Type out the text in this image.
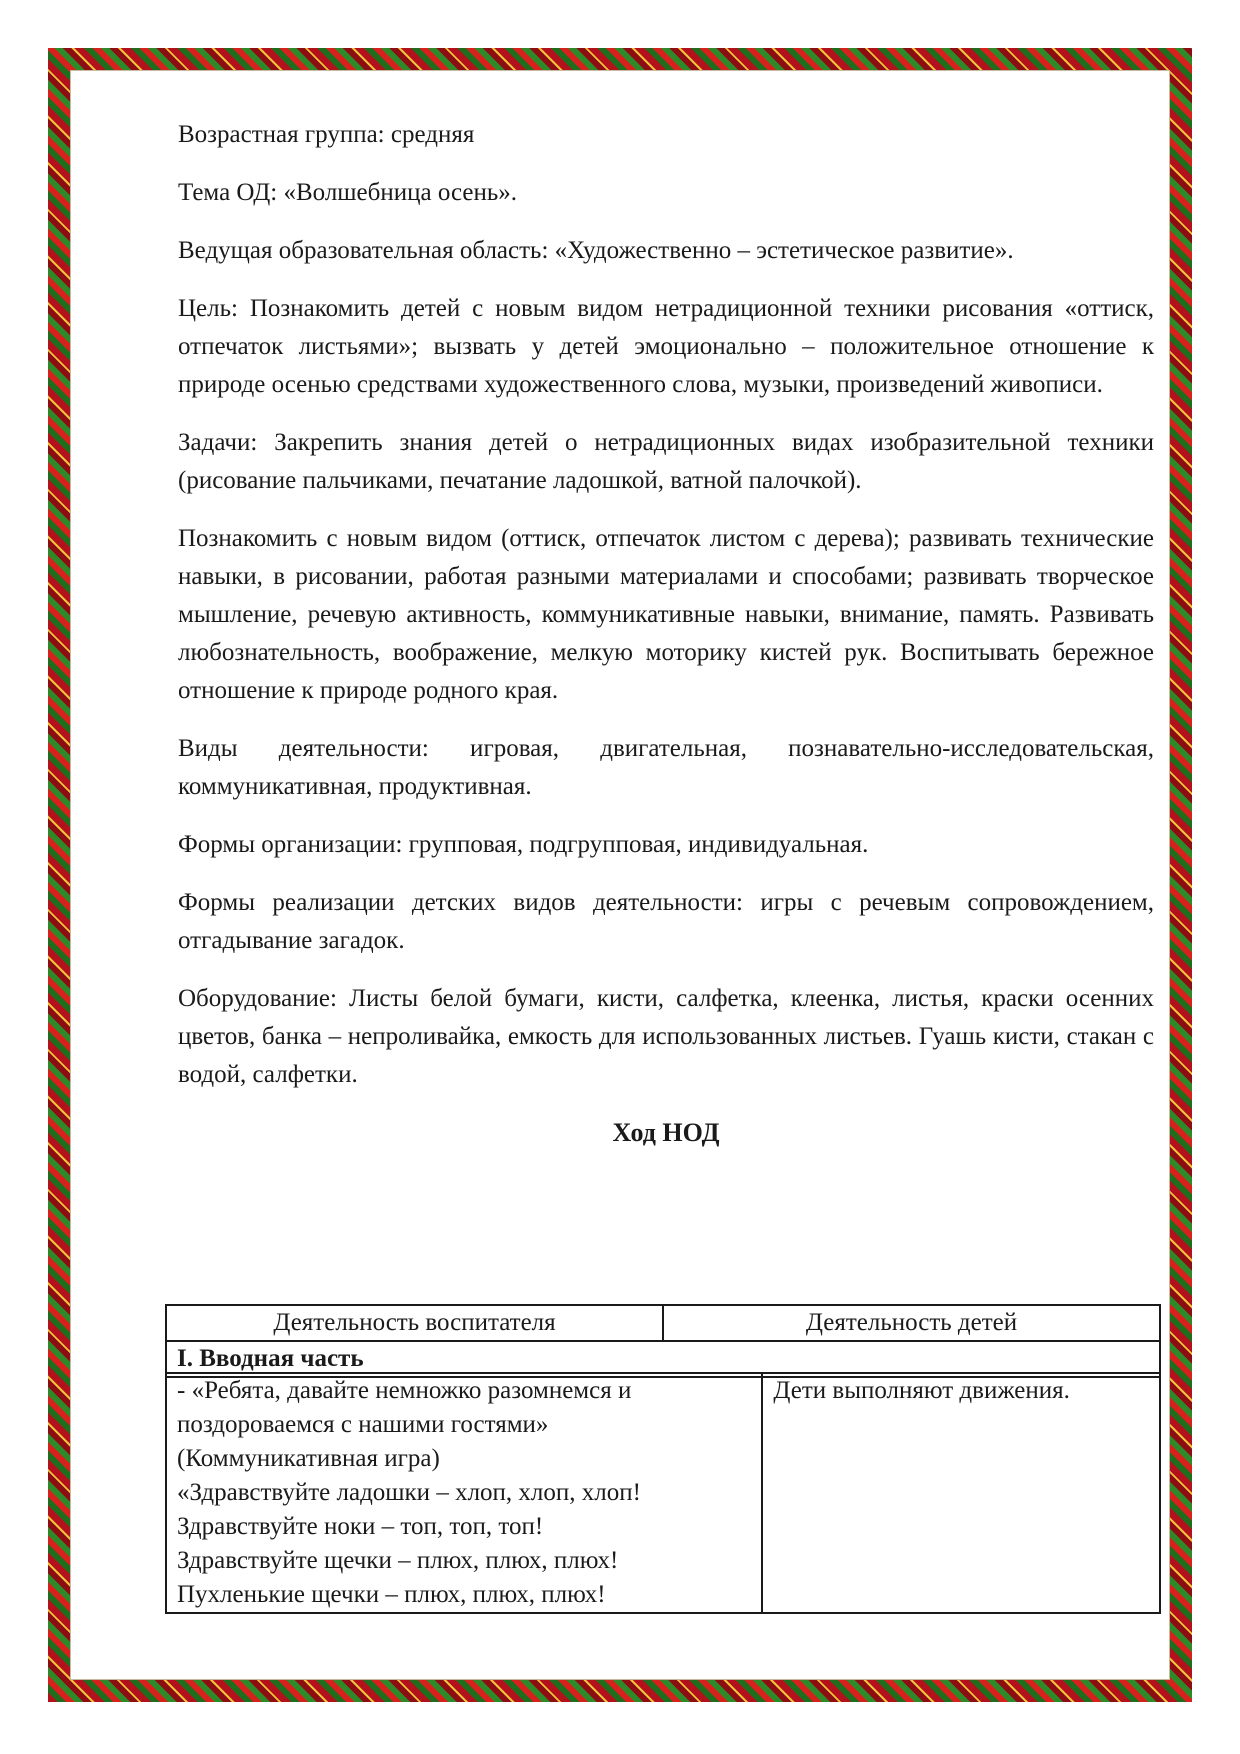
Возрастная группа: средняя

Тема ОД: «Волшебница осень».

Ведущая образовательная область: «Художественно – эстетическое развитие».

Цель: Познакомить детей с новым видом нетрадиционной техники рисования «оттиск, отпечаток листьями»; вызвать у детей эмоционально – положительное отношение к природе осенью средствами художественного слова, музыки, произведений живописи.

Задачи: Закрепить знания детей о нетрадиционных видах изобразительной техники (рисование пальчиками, печатание ладошкой, ватной палочкой).

Познакомить с новым видом (оттиск, отпечаток листом с дерева); развивать технические навыки, в рисовании, работая разными материалами и способами; развивать творческое мышление, речевую активность, коммуникативные навыки, внимание, память. Развивать любознательность, воображение, мелкую моторику кистей рук. Воспитывать бережное отношение к природе родного края.

Виды деятельности: игровая, двигательная, познавательно-исследовательская, коммуникативная, продуктивная.

Формы организации: групповая, подгрупповая, индивидуальная.

Формы реализации детских видов деятельности: игры с речевым сопровождением, отгадывание загадок.

Оборудование: Листы белой бумаги, кисти, салфетка, клеенка, листья, краски осенних цветов, банка – непроливайка, емкость для использованных листьев. Гуашь кисти, стакан с водой, салфетки.

Ход НОД
Деятельность воспитателя	Деятельность детей
I. Вводная часть
- «Ребята, давайте немножко разомнемся и
поздороваемся с нашими гостями»
(Коммуникативная игра)
«Здравствуйте ладошки – хлоп, хлоп, хлоп!
Здравствуйте ноки – топ, топ, топ!
Здравствуйте щечки – плюх, плюх, плюх!
Пухленькие щечки – плюх, плюх, плюх!
	Дети выполняют движения.
